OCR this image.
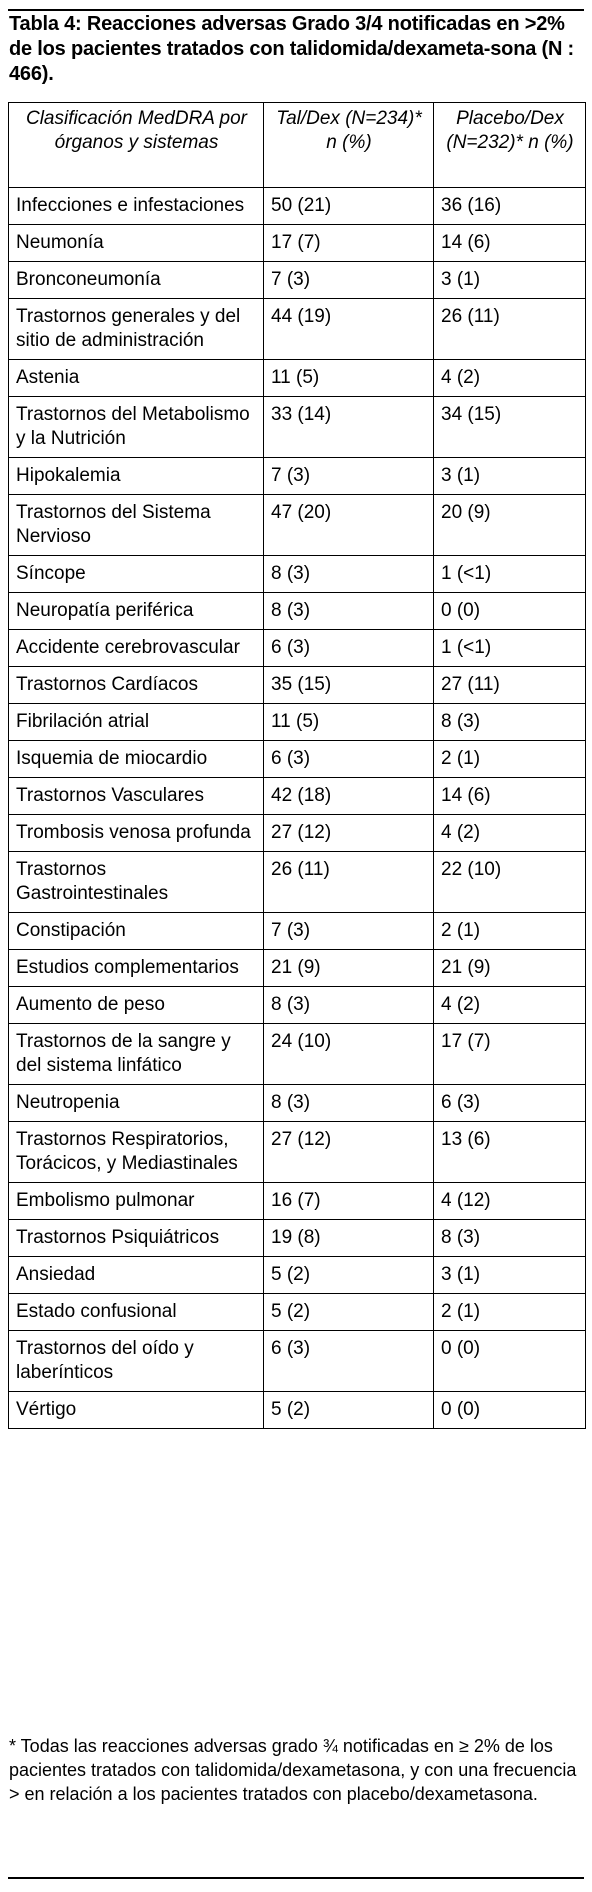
Tabla 4: Reacciones adversas Grado 3/4 notificadas en >2% de los pacientes tratados con talidomida/dexameta-sona (N : 466).
Clasificación MedDRA por órganos y sistemas	Tal/Dex (N=234)* n (%)	Placebo/Dex (N=232)* n (%)
Infecciones e infestaciones	50 (21)	36 (16)
Neumonía	17 (7)	14 (6)
Bronconeumonía	7 (3)	3 (1)
Trastornos generales y del sitio de administración	44 (19)	26 (11)
Astenia	11 (5)	4 (2)
Trastornos del Metabolismo y la Nutrición	33 (14)	34 (15)
Hipokalemia	7 (3)	3 (1)
Trastornos del Sistema Nervioso	47 (20)	20 (9)
Síncope	8 (3)	1 (<1)
Neuropatía periférica	8 (3)	0 (0)
Accidente cerebrovascular	6 (3)	1 (<1)
Trastornos Cardíacos	35 (15)	27 (11)
Fibrilación atrial	11 (5)	8 (3)
Isquemia de miocardio	6 (3)	2 (1)
Trastornos Vasculares	42 (18)	14 (6)
Trombosis venosa profunda	27 (12)	4 (2)
Trastornos Gastrointestinales	26 (11)	22 (10)
Constipación	7 (3)	2 (1)
Estudios complementarios	21 (9)	21 (9)
Aumento de peso	8 (3)	4 (2)
Trastornos de la sangre y del sistema linfático	24 (10)	17 (7)
Neutropenia	8 (3)	6 (3)
Trastornos Respiratorios, Torácicos, y Mediastinales	27 (12)	13 (6)
Embolismo pulmonar	16 (7)	4 (12)
Trastornos Psiquiátricos	19 (8)	8 (3)
Ansiedad	5 (2)	3 (1)
Estado confusional	5 (2)	2 (1)
Trastornos del oído y laberínticos	6 (3)	0 (0)
Vértigo	5 (2)	0 (0)
* Todas las reacciones adversas grado ¾ notificadas en ≥ 2% de los pacientes tratados con talidomida/dexametasona, y con una frecuencia > en relación a los pacientes tratados con placebo/dexametasona.
